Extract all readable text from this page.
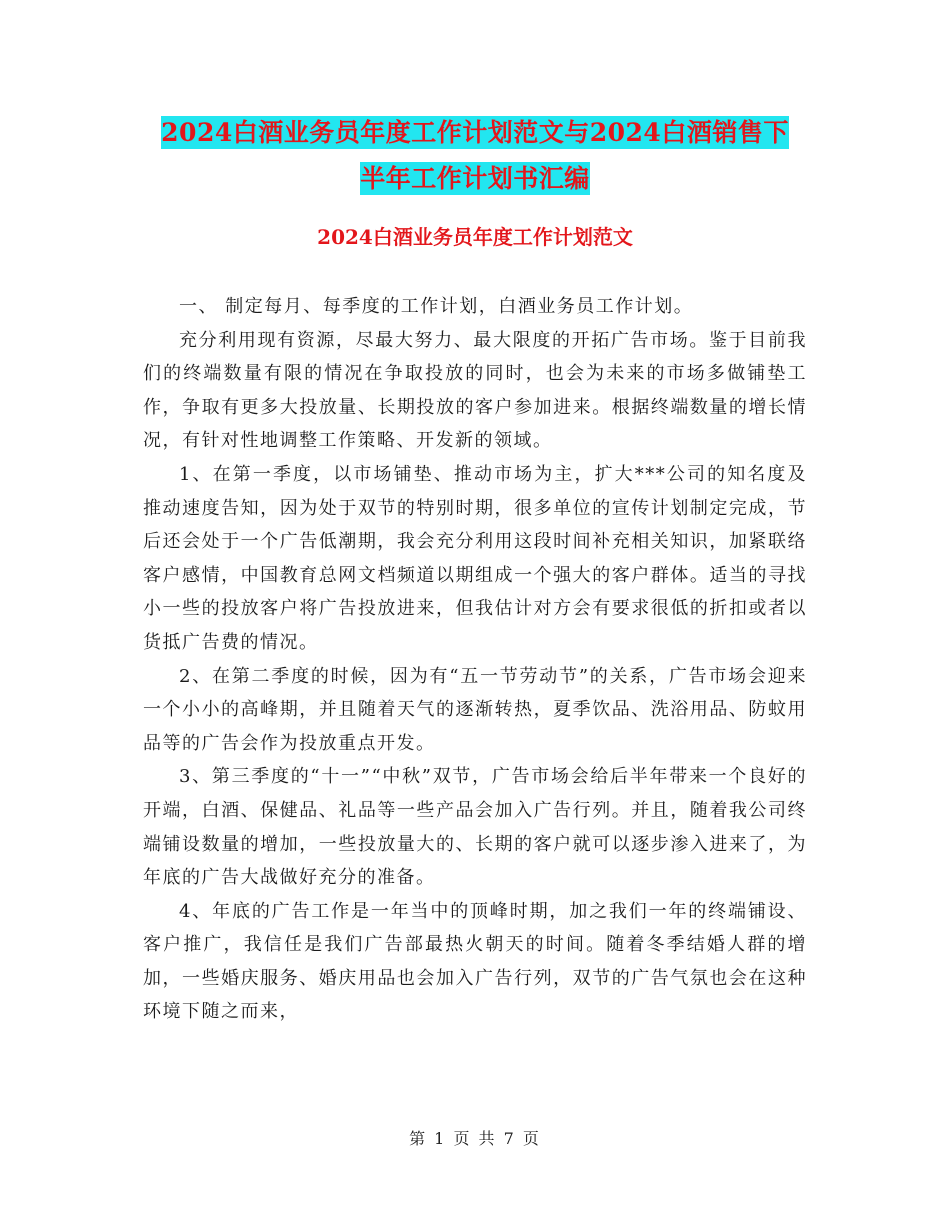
2024白酒业务员年度工作计划范文与2024白酒销售下
半年工作计划书汇编
2024白酒业务员年度工作计划范文

一、 制定每月、每季度的工作计划，白酒业务员工作计划。

充分利用现有资源，尽最大努力、最大限度的开拓广告市场。鉴于目前我们的终端数量有限的情况在争取投放的同时，也会为未来的市场多做铺垫工作，争取有更多大投放量、长期投放的客户参加进来。根据终端数量的增长情况，有针对性地调整工作策略、开发新的领域。

1、在第一季度，以市场铺垫、推动市场为主，扩大***公司的知名度及推动速度告知，因为处于双节的特别时期，很多单位的宣传计划制定完成，节后还会处于一个广告低潮期，我会充分利用这段时间补充相关知识，加紧联络客户感情，中国教育总网文档频道以期组成一个强大的客户群体。适当的寻找小一些的投放客户将广告投放进来，但我估计对方会有要求很低的折扣或者以货抵广告费的情况。

2、在第二季度的时候，因为有“五一节劳动节”的关系，广告市场会迎来一个小小的高峰期，并且随着天气的逐渐转热，夏季饮品、洗浴用品、防蚊用品等的广告会作为投放重点开发。

3、第三季度的“十一”“中秋”双节，广告市场会给后半年带来一个良好的开端，白酒、保健品、礼品等一些产品会加入广告行列。并且，随着我公司终端铺设数量的增加，一些投放量大的、长期的客户就可以逐步渗入进来了，为年底的广告大战做好充分的准备。

4、年底的广告工作是一年当中的顶峰时期，加之我们一年的终端铺设、客户推广，我信任是我们广告部最热火朝天的时间。随着冬季结婚人群的增加，一些婚庆服务、婚庆用品也会加入广告行列，双节的广告气氛也会在这种环境下随之而来，

第 1 页 共 7 页
